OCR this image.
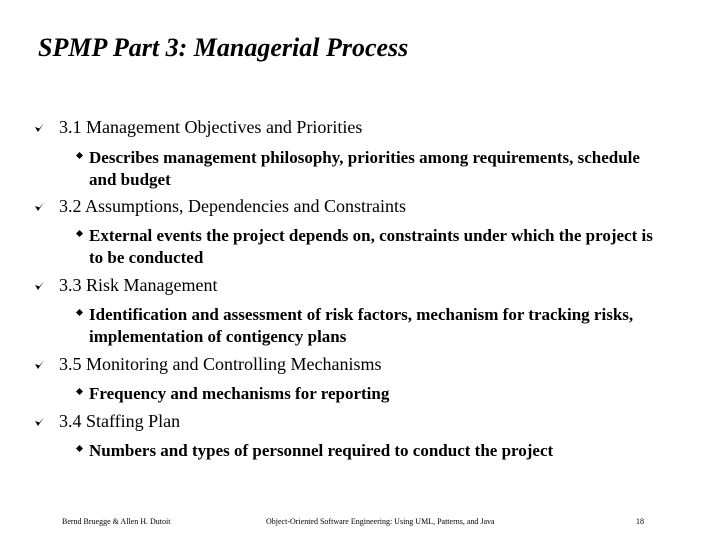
SPMP Part 3: Managerial Process
3.1 Management Objectives and Priorities
Describes management philosophy, priorities among requirements, schedule and budget
3.2 Assumptions, Dependencies and Constraints
External events the project depends on, constraints under which the project is to be conducted
3.3 Risk Management
Identification and assessment of risk factors, mechanism for tracking risks, implementation of contigency plans
3.5 Monitoring and Controlling Mechanisms
Frequency and mechanisms for reporting
3.4 Staffing Plan
Numbers and types of personnel required to conduct the project
Bernd Bruegge & Allen H. Dutoit	Object-Oriented Software Engineering: Using UML, Patterns, and Java	18
